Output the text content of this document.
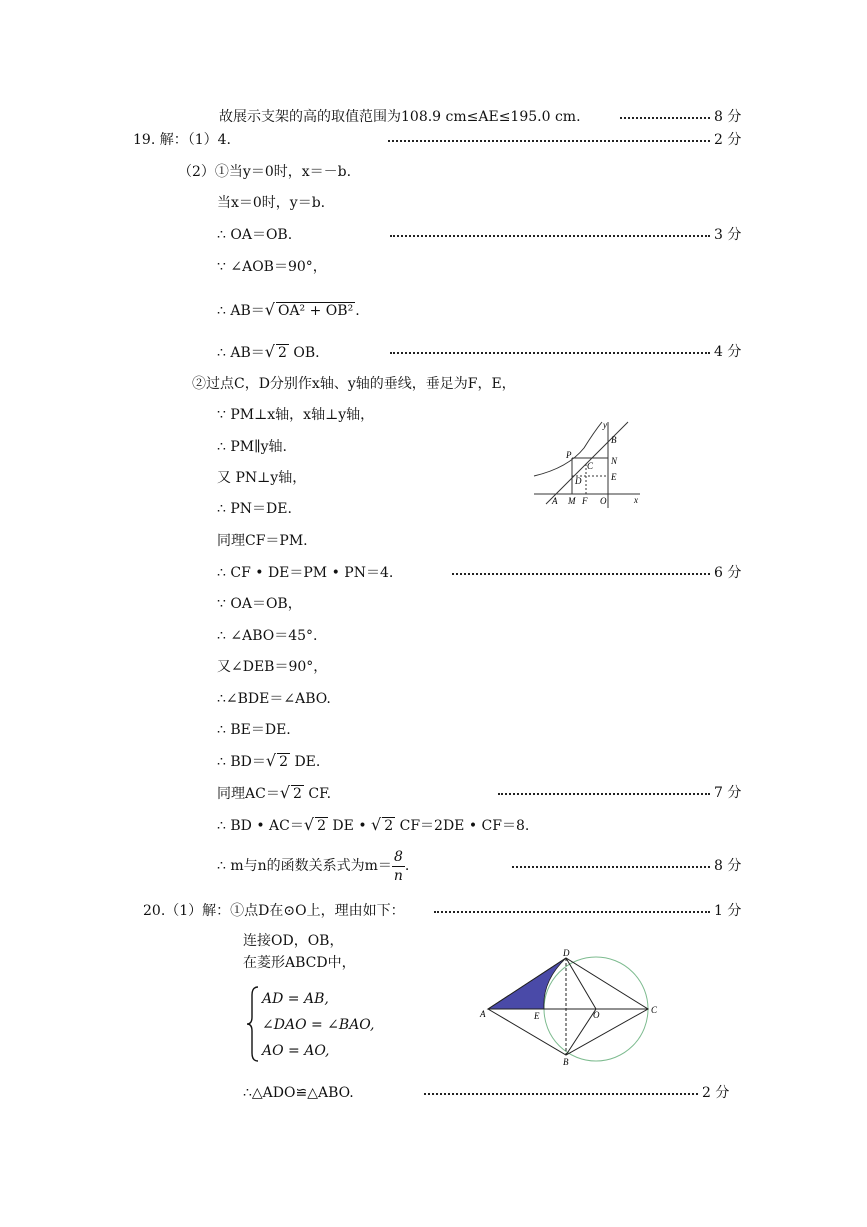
故展示支架的高的取值范围为108.9 cm≤AE≤195.0 cm.	8 分
19. 解：（1）4.	2 分
（2）①当y＝0时，x＝－b.
当x＝0时，y＝b.
∴ OA＝OB.	3 分
∵ ∠AOB＝90°，
∴ AB＝√ OA² + OB² .
∴ AB＝√ 2 OB.	4 分
②过点C，D分别作x轴、y轴的垂线，垂足为F，E，
∵ PM⊥x轴，x轴⊥y轴，
∴ PM∥y轴.
又 PN⊥y轴，
∴ PN＝DE.
同理CF＝PM.
∴ CF • DE＝PM • PN＝4.	6 分
∵ OA＝OB，
∴ ∠ABO＝45°.
又∠DEB＝90°，
∴∠BDE＝∠ABO.
∴ BE＝DE.
∴ BD＝√ 2 DE.
同理AC＝√ 2 CF.	7 分
∴ BD • AC＝√ 2 DE • √ 2 CF＝2DE • CF＝8.
∴ m与n的函数关系式为$m= \frac{8}{n}$ .	8 分
20.（1）解：①点D在⊙O上，理由如下：	1 分
连接OD，OB，
在菱形ABCD中，
AD = AB,
∠DAO = ∠BAO,
AO = AO,
∴△ADO≌△ABO.	2 分
y
B
P
C N
D	E
A M F O	x
D
A	E	O	C
B
